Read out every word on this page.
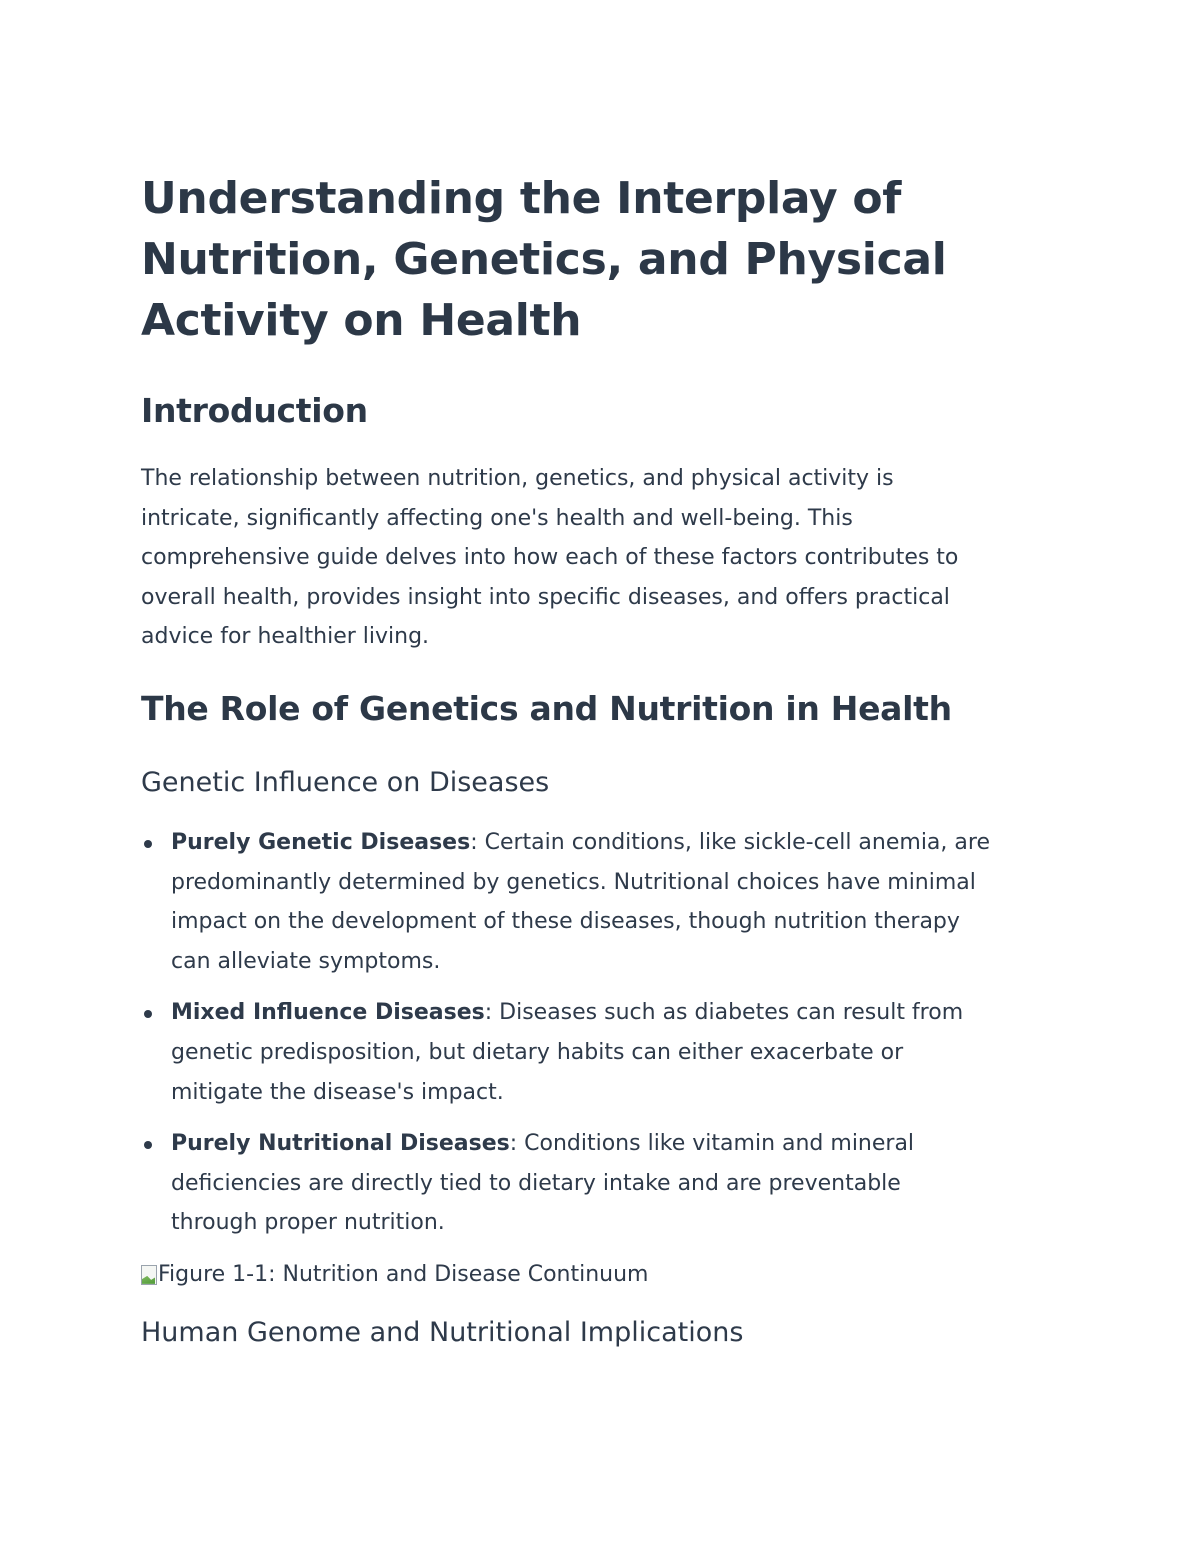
Understanding the Interplay of
Nutrition, Genetics, and Physical
Activity on Health
Introduction

The relationship between nutrition, genetics, and physical activity is
intricate, significantly affecting one's health and well-being. This
comprehensive guide delves into how each of these factors contributes to
overall health, provides insight into specific diseases, and offers practical
advice for healthier living.

The Role of Genetics and Nutrition in Health
Genetic Influence on Diseases
Purely Genetic Diseases: Certain conditions, like sickle-cell anemia, are
predominantly determined by genetics. Nutritional choices have minimal
impact on the development of these diseases, though nutrition therapy
can alleviate symptoms.
Mixed Influence Diseases: Diseases such as diabetes can result from
genetic predisposition, but dietary habits can either exacerbate or
mitigate the disease's impact.
Purely Nutritional Diseases: Conditions like vitamin and mineral
deficiencies are directly tied to dietary intake and are preventable
through proper nutrition.
Figure 1-1: Nutrition and Disease Continuum
Human Genome and Nutritional Implications
